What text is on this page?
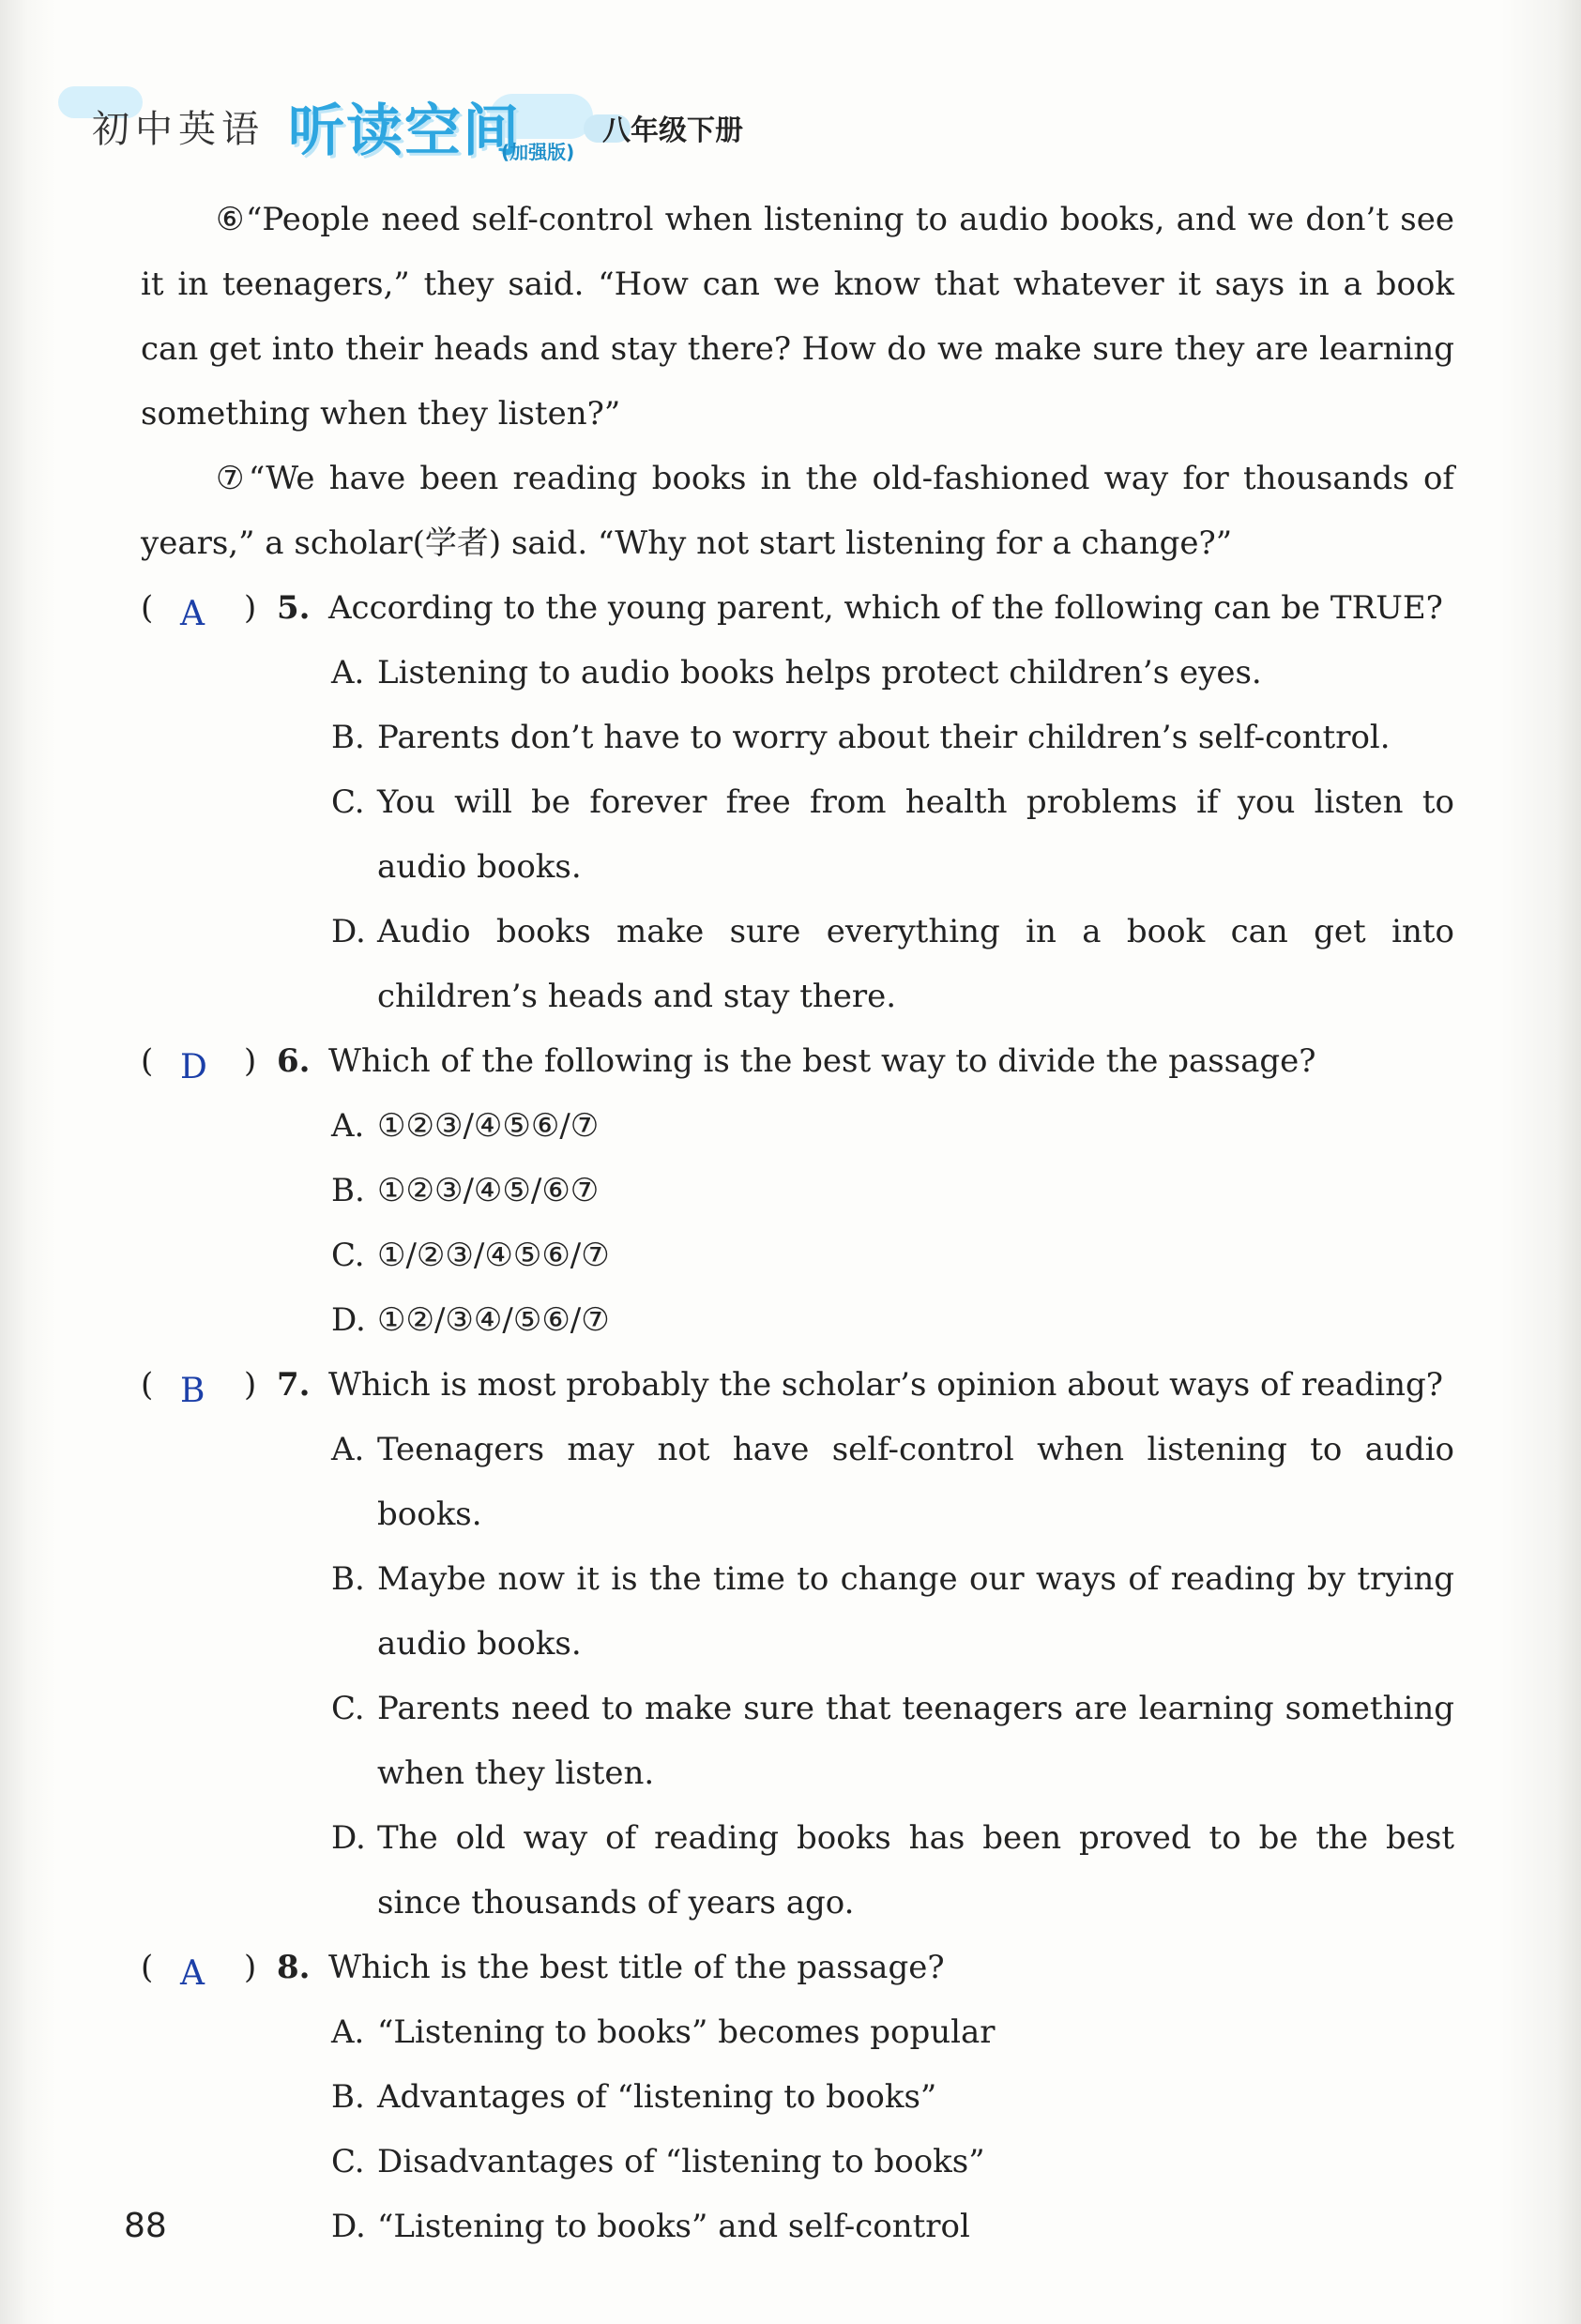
初中英语 听读空间
(加强版)
八年级下册

⑥“People need self-control when listening to audio books, and we don’t see it in teenagers,” they said. “How can we know that whatever it says in a book can get into their heads and stay there? How do we make sure they are learning something when they listen?”

⑦“We have been reading books in the old-fashioned way for thousands of years,” a scholar(学者) said. “Why not start listening for a change?”

( A ) 5. According to the young parent, which of the following can be TRUE?

A. Listening to audio books helps protect children’s eyes.

B. Parents don’t have to worry about their children’s self-control.

C. You will be forever free from health problems if you listen to audio books.

D. Audio books make sure everything in a book can get into children’s heads and stay there.

( D ) 6. Which of the following is the best way to divide the passage?

A. ①②③/④⑤⑥/⑦

B. ①②③/④⑤/⑥⑦

C. ①/②③/④⑤⑥/⑦

D. ①②/③④/⑤⑥/⑦

( B ) 7. Which is most probably the scholar’s opinion about ways of reading?

A. Teenagers may not have self-control when listening to audio books.

B. Maybe now it is the time to change our ways of reading by trying audio books.

C. Parents need to make sure that teenagers are learning something when they listen.

D. The old way of reading books has been proved to be the best since thousands of years ago.

( A ) 8. Which is the best title of the passage?

A. “Listening to books” becomes popular

B. Advantages of “listening to books”

C. Disadvantages of “listening to books”

D. “Listening to books” and self-control

88
